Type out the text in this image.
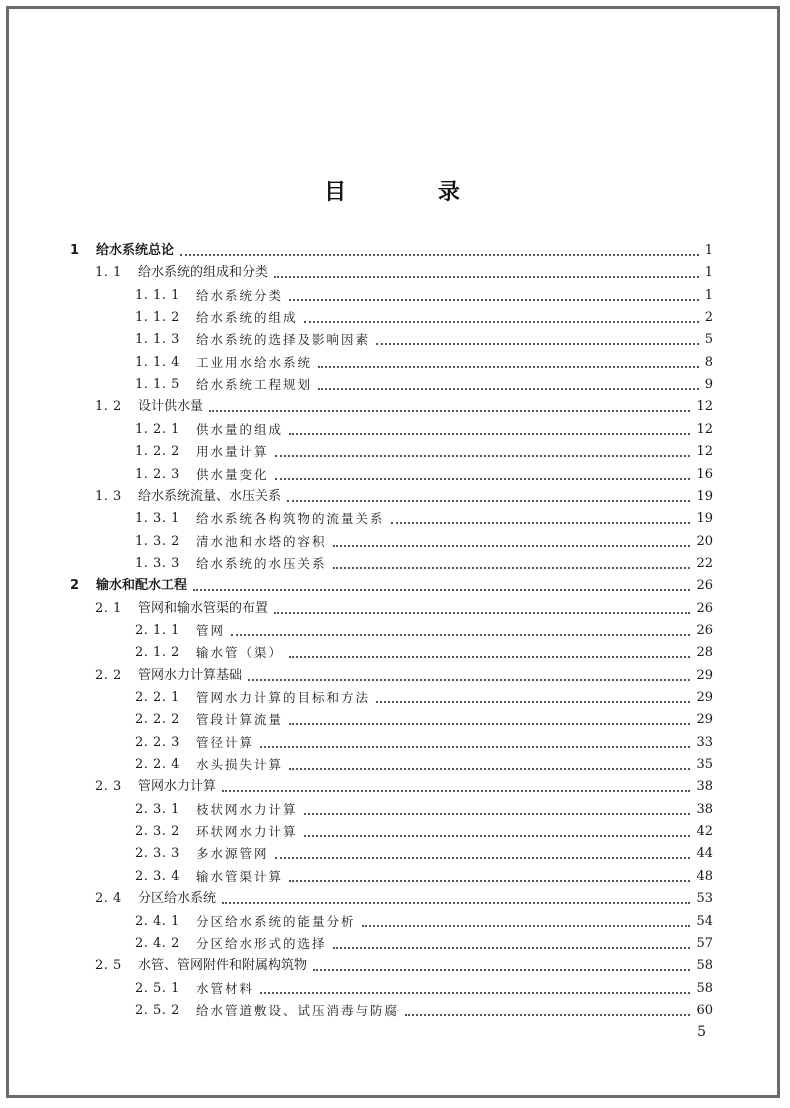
目 录
1 给水系统总论	1
1. 1 给水系统的组成和分类	1
1. 1. 1 给水系统分类	1
1. 1. 2 给水系统的组成	2
1. 1. 3 给水系统的选择及影响因素	5
1. 1. 4 工业用水给水系统	8
1. 1. 5 给水系统工程规划	9
1. 2 设计供水量	12
1. 2. 1 供水量的组成	12
1. 2. 2 用水量计算	12
1. 2. 3 供水量变化	16
1. 3 给水系统流量、水压关系	19
1. 3. 1 给水系统各构筑物的流量关系	19
1. 3. 2 清水池和水塔的容积	20
1. 3. 3 给水系统的水压关系	22
2 输水和配水工程	26
2. 1 管网和输水管渠的布置	26
2. 1. 1 管网	26
2. 1. 2 输水管（渠）	28
2. 2 管网水力计算基础	29
2. 2. 1 管网水力计算的目标和方法	29
2. 2. 2 管段计算流量	29
2. 2. 3 管径计算	33
2. 2. 4 水头损失计算	35
2. 3 管网水力计算	38
2. 3. 1 枝状网水力计算	38
2. 3. 2 环状网水力计算	42
2. 3. 3 多水源管网	44
2. 3. 4 输水管渠计算	48
2. 4 分区给水系统	53
2. 4. 1 分区给水系统的能量分析	54
2. 4. 2 分区给水形式的选择	57
2. 5 水管、管网附件和附属构筑物	58
2. 5. 1 水管材料	58
2. 5. 2 给水管道敷设、试压消毒与防腐	60
5
